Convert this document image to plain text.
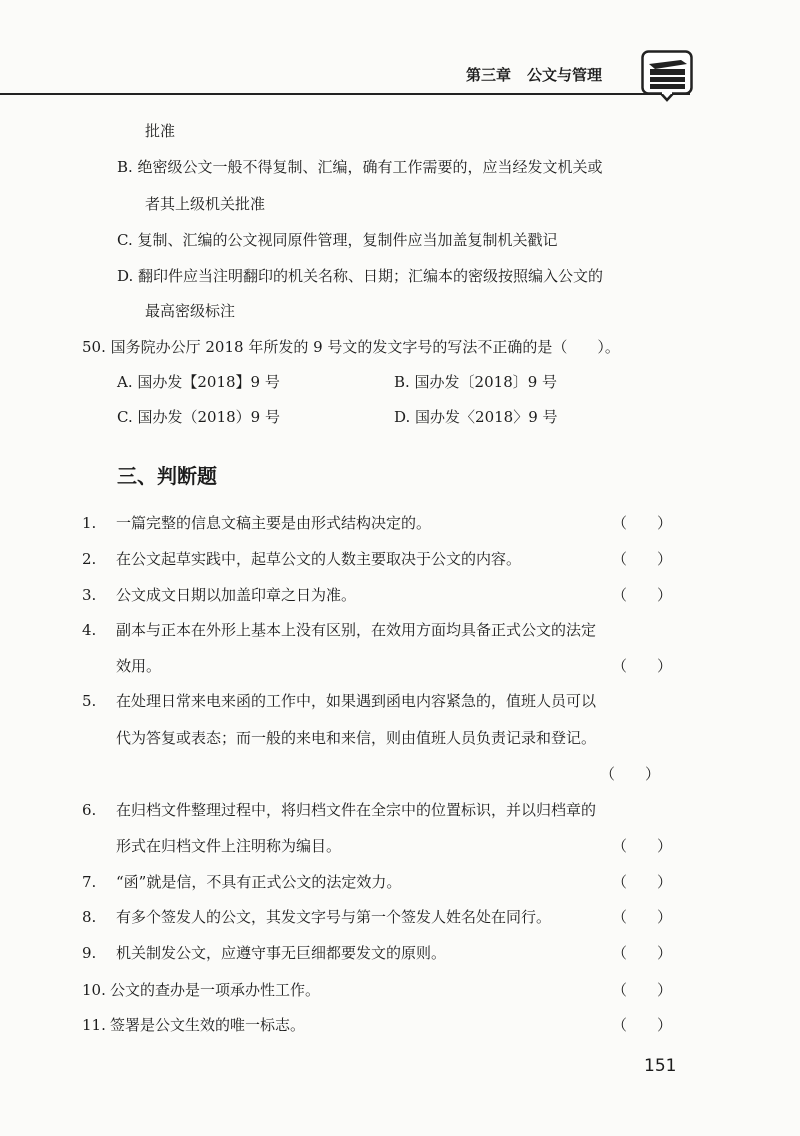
第三章 公文与管理
批准
B. 绝密级公文一般不得复制、汇编，确有工作需要的，应当经发文机关或
者其上级机关批准
C. 复制、汇编的公文视同原件管理，复制件应当加盖复制机关戳记
D. 翻印件应当注明翻印的机关名称、日期；汇编本的密级按照编入公文的
最高密级标注
50. 国务院办公厅 2018 年所发的 9 号文的发文字号的写法不正确的是（　　）。
A. 国办发【2018】9 号	B. 国办发〔2018〕9 号
C. 国办发（2018）9 号	D. 国办发〈2018〉9 号
三、判断题
1. 一篇完整的信息文稿主要是由形式结构决定的。	（　　）
2. 在公文起草实践中，起草公文的人数主要取决于公文的内容。	（　　）
3. 公文成文日期以加盖印章之日为准。	（　　）
4. 副本与正本在外形上基本上没有区别，在效用方面均具备正式公文的法定
效用。	（　　）
5. 在处理日常来电来函的工作中，如果遇到函电内容紧急的，值班人员可以
代为答复或表态；而一般的来电和来信，则由值班人员负责记录和登记。
（　　）
6. 在归档文件整理过程中，将归档文件在全宗中的位置标识，并以归档章的
形式在归档文件上注明称为编目。	（　　）
7. “函”就是信，不具有正式公文的法定效力。	（　　）
8. 有多个签发人的公文，其发文字号与第一个签发人姓名处在同行。	（　　）
9. 机关制发公文，应遵守事无巨细都要发文的原则。	（　　）
10. 公文的查办是一项承办性工作。	（　　）
11. 签署是公文生效的唯一标志。	（　　）
151
